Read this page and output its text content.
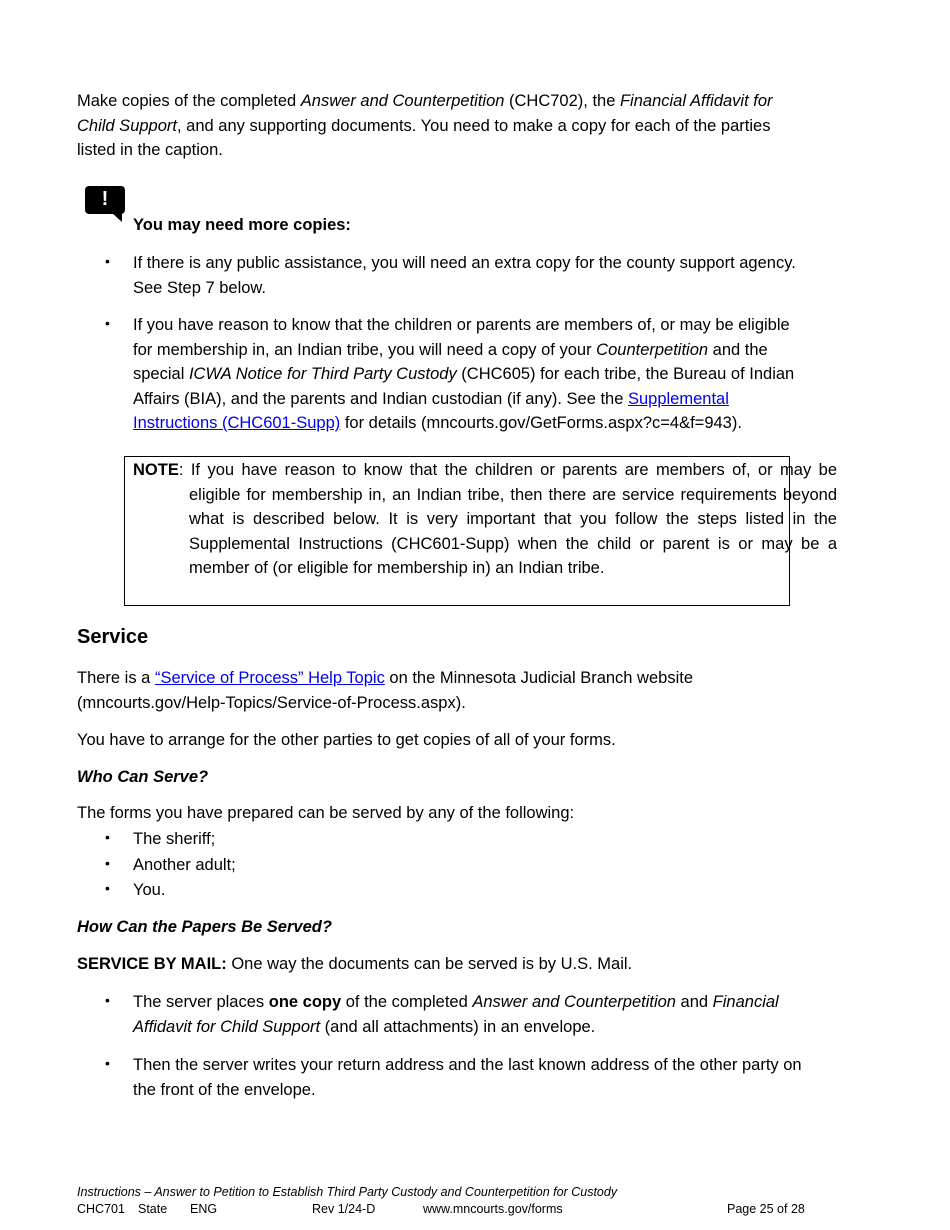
Make copies of the completed Answer and Counterpetition (CHC702), the Financial Affidavit for
Child Support, and any supporting documents. You need to make a copy for each of the parties
listed in the caption.
!
You may need more copies:
• If there is any public assistance, you will need an extra copy for the county support agency.
See Step 7 below.
• If you have reason to know that the children or parents are members of, or may be eligible
for membership in, an Indian tribe, you will need a copy of your Counterpetition and the
special ICWA Notice for Third Party Custody (CHC605) for each tribe, the Bureau of Indian
Affairs (BIA), and the parents and Indian custodian (if any). See the Supplemental
Instructions (CHC601-Supp) for details (mncourts.gov/GetForms.aspx?c=4&f=943).
NOTE: If you have reason to know that the children or parents are members of, or may be eligible for membership in, an Indian tribe, then there are service requirements beyond what is described below. It is very important that you follow the steps listed in the Supplemental Instructions (CHC601-Supp) when the child or parent is or may be a member of (or eligible for membership in) an Indian tribe.
Service
There is a “Service of Process” Help Topic on the Minnesota Judicial Branch website
(mncourts.gov/Help-Topics/Service-of-Process.aspx).
You have to arrange for the other parties to get copies of all of your forms.
Who Can Serve?
The forms you have prepared can be served by any of the following:
• The sheriff;
• Another adult;
• You.
How Can the Papers Be Served?
SERVICE BY MAIL: One way the documents can be served is by U.S. Mail.
• The server places one copy of the completed Answer and Counterpetition and Financial
Affidavit for Child Support (and all attachments) in an envelope.
• Then the server writes your return address and the last known address of the other party on
the front of the envelope.
Instructions – Answer to Petition to Establish Third Party Custody and Counterpetition for Custody
CHC701 State ENG	Rev 1/24-D	www.mncourts.gov/forms	Page 25 of 28
